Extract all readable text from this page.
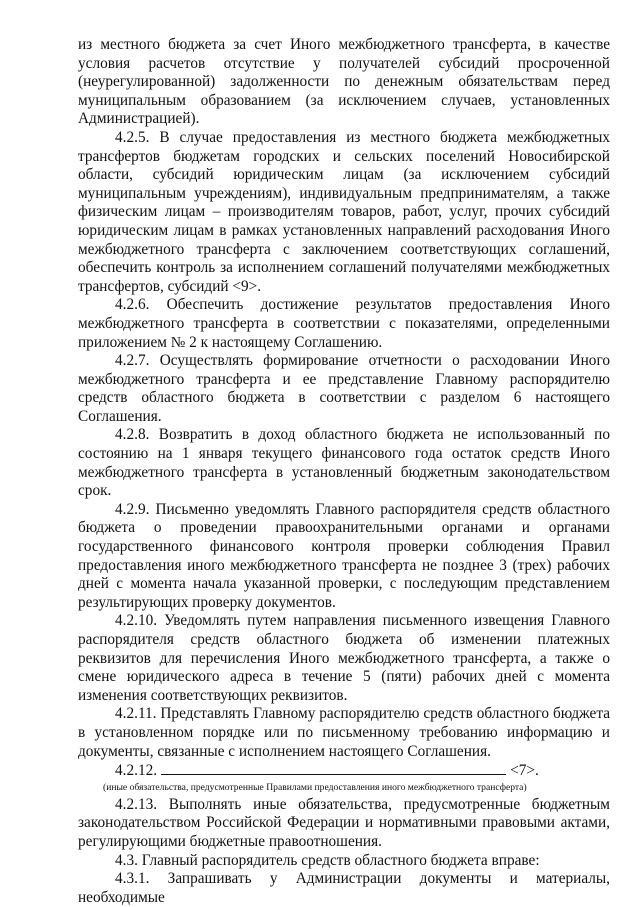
из местного бюджета за счет Иного межбюджетного трансферта, в качестве условия расчетов отсутствие у получателей субсидий просроченной (неурегулированной) задолженности по денежным обязательствам перед муниципальным образованием (за исключением случаев, установленных Администрацией).

4.2.5. В случае предоставления из местного бюджета межбюджетных трансфертов бюджетам городских и сельских поселений Новосибирской области, субсидий юридическим лицам (за исключением субсидий муниципальным учреждениям), индивидуальным предпринимателям, а также физическим лицам – производителям товаров, работ, услуг, прочих субсидий юридическим лицам в рамках установленных направлений расходования Иного межбюджетного трансферта с заключением соответствующих соглашений, обеспечить контроль за исполнением соглашений получателями межбюджетных трансфертов, субсидий <9>.

4.2.6. Обеспечить достижение результатов предоставления Иного межбюджетного трансферта в соответствии с показателями, определенными приложением № 2 к настоящему Соглашению.

4.2.7. Осуществлять формирование отчетности о расходовании Иного межбюджетного трансферта и ее представление Главному распорядителю средств областного бюджета в соответствии с разделом 6 настоящего Соглашения.

4.2.8. Возвратить в доход областного бюджета не использованный по состоянию на 1 января текущего финансового года остаток средств Иного межбюджетного трансферта в установленный бюджетным законодательством срок.

4.2.9. Письменно уведомлять Главного распорядителя средств областного бюджета о проведении правоохранительными органами и органами государственного финансового контроля проверки соблюдения Правил предоставления иного межбюджетного трансферта не позднее 3 (трех) рабочих дней с момента начала указанной проверки, с последующим представлением результирующих проверку документов.

4.2.10. Уведомлять путем направления письменного извещения Главного распорядителя средств областного бюджета об изменении платежных реквизитов для перечисления Иного межбюджетного трансферта, а также о смене юридического адреса в течение 5 (пяти) рабочих дней с момента изменения соответствующих реквизитов.

4.2.11. Представлять Главному распорядителю средств областного бюджета в установленном порядке или по письменному требованию информацию и документы, связанные с исполнением настоящего Соглашения.

4.2.12.	<7>.

(иные обязательства, предусмотренные Правилами предоставления иного межбюджетного трансферта)

4.2.13. Выполнять иные обязательства, предусмотренные бюджетным законодательством Российской Федерации и нормативными правовыми актами, регулирующими бюджетные правоотношения.

4.3. Главный распорядитель средств областного бюджета вправе:

4.3.1. Запрашивать у Администрации документы и материалы, необходимые
